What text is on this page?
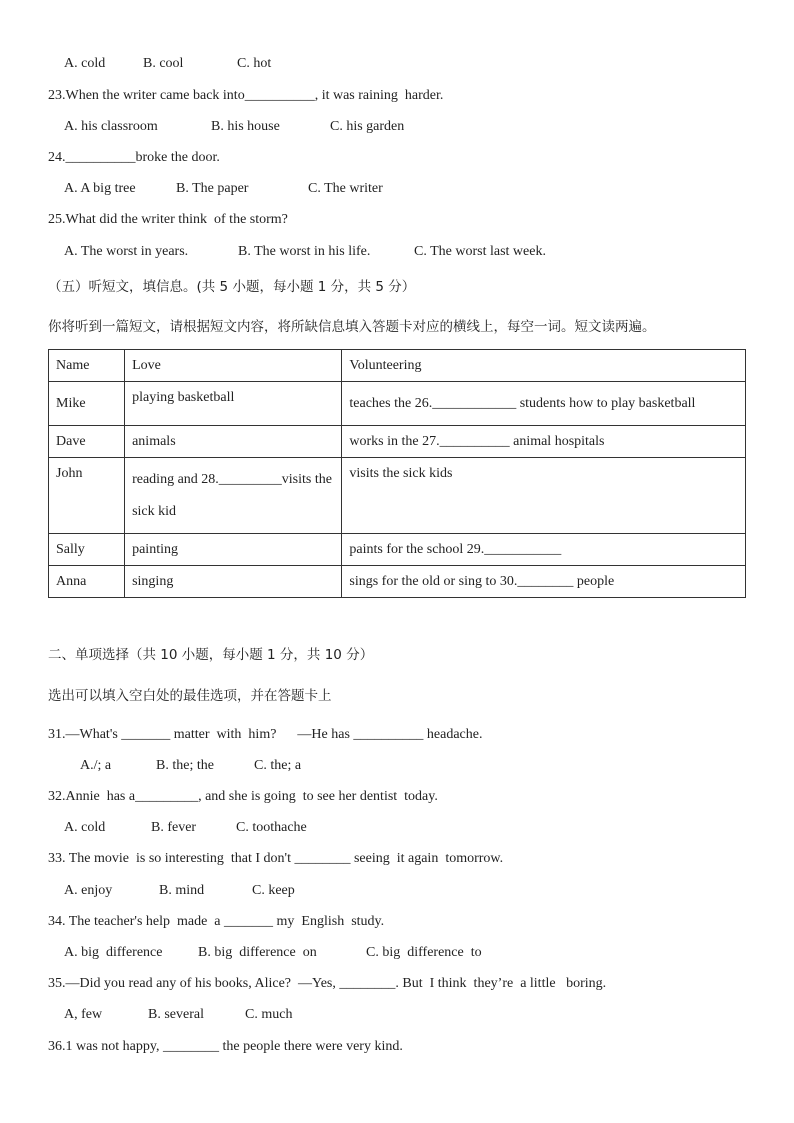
A. cold	B. cool	C. hot
23.When the writer came back into__________, it was raining  harder.
A. his classroom	B. his house	C. his garden
24.__________broke the door.
A. A big tree	B. The paper	C. The writer
25.What did the writer think  of the storm?
A. The worst in years.	B. The worst in his life.	C. The worst last week.
（五）听短文，填信息。(共 5 小题，每小题 1 分，共 5 分）
你将听到一篇短文，请根据短文内容，将所缺信息填入答题卡对应的横线上，每空一词。短文读两遍。
Name	Love	Volunteering
Mike	playing basketball	teaches the 26.____________ students how to play basketball
Dave	animals	works in the 27.__________ animal hospitals
John	reading and 28._________visits the sick kid	visits the sick kids
Sally	painting	paints for the school 29.___________
Anna	singing	sings for the old or sing to 30.________ people
二、单项选择（共 10 小题，每小题 1 分，共 10 分）
选出可以填入空白处的最佳选项，并在答题卡上
31.—What's _______ matter  with  him?      —He has __________ headache.
A./; a	B. the; the	C. the; a
32.Annie  has a_________, and she is going  to see her dentist  today.
A. cold	B. fever	C. toothache
33. The movie  is so interesting  that I don't ________ seeing  it again  tomorrow.
A. enjoy	B. mind	C. keep
34. The teacher's help  made  a _______ my  English  study.
A. big  difference	B. big  difference  on	C. big  difference  to
35.—Did you read any of his books, Alice?  —Yes, ________. But  I think  they’re  a little   boring.
A, few	B. several	C. much
36.1 was not happy, ________ the people there were very kind.
